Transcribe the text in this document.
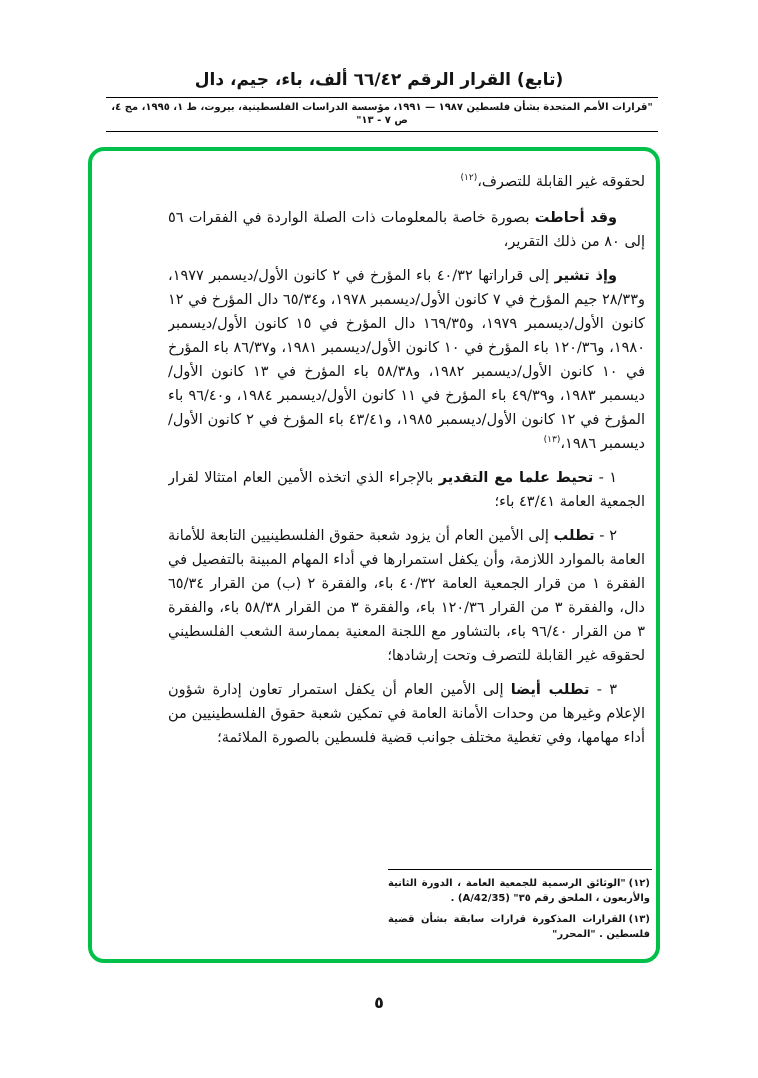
(تابع) القرار الرقم ٦٦/٤٢ ألف، باء، جيم، دال
"قرارات الأمم المتحدة بشأن فلسطين ١٩٨٧ — ١٩٩١، مؤسسة الدراسات الفلسطينية، بيروت، ط ١، ١٩٩٥، مج ٤، ص ٧ - ١٣"

لحقوقه غير القابلة للتصرف،$^{(١٢)}$

وقد أحاطت بصورة خاصة بالمعلومات ذات الصلة الواردة في الفقرات ٥٦ إلى ٨٠ من ذلك التقرير،

وإذ تشير إلى قراراتها ٤٠/٣٢ باء المؤرخ في ٢ كانون الأول/ديسمبر ١٩٧٧، و٢٨/٣٣ جيم المؤرخ في ٧ كانون الأول/ديسمبر ١٩٧٨، و٦٥/٣٤ دال المؤرخ في ١٢ كانون الأول/ديسمبر ١٩٧٩، و١٦٩/٣٥ دال المؤرخ في ١٥ كانون الأول/ديسمبر ١٩٨٠، و١٢٠/٣٦ باء المؤرخ في ١٠ كانون الأول/ديسمبر ١٩٨١، و٨٦/٣٧ باء المؤرخ في ١٠ كانون الأول/ديسمبر ١٩٨٢، و٥٨/٣٨ باء المؤرخ في ١٣ كانون الأول/ديسمبر ١٩٨٣، و٤٩/٣٩ باء المؤرخ في ١١ كانون الأول/ديسمبر ١٩٨٤، و٩٦/٤٠ باء المؤرخ في ١٢ كانون الأول/ديسمبر ١٩٨٥، و٤٣/٤١ باء المؤرخ في ٢ كانون الأول/ديسمبر ١٩٨٦،$^{(١٣)}$

١ - تحيط علما مع التقدير بالإجراء الذي اتخذه الأمين العام امتثالا لقرار الجمعية العامة ٤٣/٤١ باء؛

٢ - تطلب إلى الأمين العام أن يزود شعبة حقوق الفلسطينيين التابعة للأمانة العامة بالموارد اللازمة، وأن يكفل استمرارها في أداء المهام المبينة بالتفصيل في الفقرة ١ من قرار الجمعية العامة ٤٠/٣٢ باء، والفقرة ٢ (ب) من القرار ٦٥/٣٤ دال، والفقرة ٣ من القرار ١٢٠/٣٦ باء، والفقرة ٣ من القرار ٥٨/٣٨ باء، والفقرة ٣ من القرار ٩٦/٤٠ باء، بالتشاور مع اللجنة المعنية بممارسة الشعب الفلسطيني لحقوقه غير القابلة للتصرف وتحت إرشادها؛

٣ - تطلب أيضا إلى الأمين العام أن يكفل استمرار تعاون إدارة شؤون الإعلام وغيرها من وحدات الأمانة العامة في تمكين شعبة حقوق الفلسطينيين من أداء مهامها، وفي تغطية مختلف جوانب قضية فلسطين بالصورة الملائمة؛

(١٢)"الوثائق الرسمية للجمعية العامة ، الدورة الثانية والأربعون ، الملحق رقم ٣٥" (A/42/35) .

(١٣)القرارات المذكورة قرارات سابقة بشأن قضية فلسطين . "المحرر"

٥
